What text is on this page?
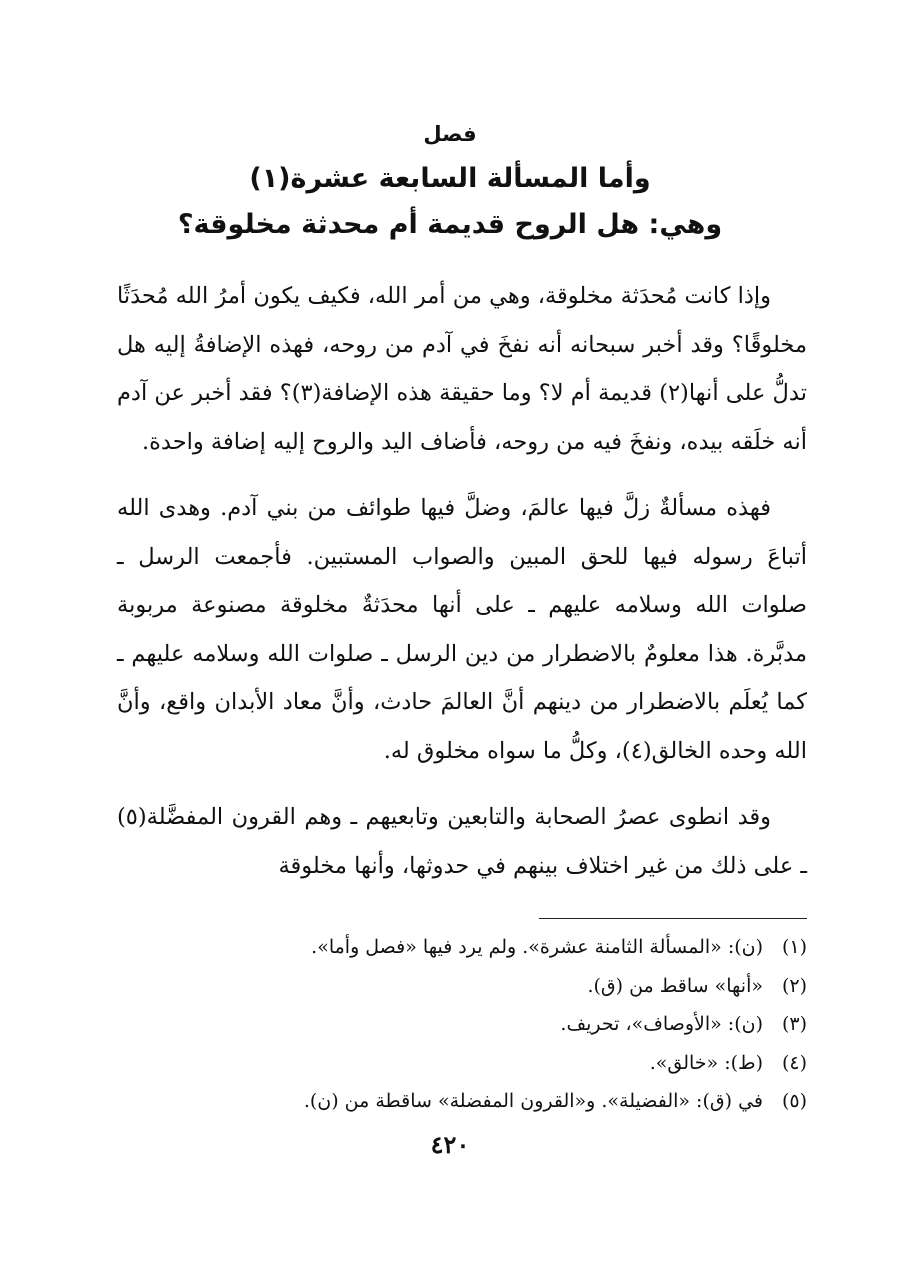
فصل

وأما المسألة السابعة عشرة(١)

وهي: هل الروح قديمة أم محدثة مخلوقة؟

وإذا كانت مُحدَثة مخلوقة، وهي من أمر الله، فكيف يكون أمرُ الله مُحدَثًا مخلوقًا؟ وقد أخبر سبحانه أنه نفخَ في آدم من روحه، فهذه الإضافةُ إليه هل تدلُّ على أنها(٢) قديمة أم لا؟ وما حقيقة هذه الإضافة(٣)؟ فقد أخبر عن آدم أنه خلَقه بيده، ونفخَ فيه من روحه، فأضاف اليد والروح إليه إضافة واحدة.

فهذه مسألةٌ زلَّ فيها عالمَ، وضلَّ فيها طوائف من بني آدم. وهدى الله أتباعَ رسوله فيها للحق المبين والصواب المستبين. فأجمعت الرسل ـ صلوات الله وسلامه عليهم ـ على أنها محدَثةٌ مخلوقة مصنوعة مربوبة مدبَّرة. هذا معلومٌ بالاضطرار من دين الرسل ـ صلوات الله وسلامه عليهم ـ كما يُعلَم بالاضطرار من دينهم أنَّ العالمَ حادث، وأنَّ معاد الأبدان واقع، وأنَّ الله وحده الخالق(٤)، وكلُّ ما سواه مخلوق له.

وقد انطوى عصرُ الصحابة والتابعين وتابعيهم ـ وهم القرون المفضَّلة(٥) ـ على ذلك من غير اختلاف بينهم في حدوثها، وأنها مخلوقة

(١)
(ن): «المسألة الثامنة عشرة». ولم يرد فيها «فصل وأما».
(٢)
«أنها» ساقط من (ق).
(٣)
(ن): «الأوصاف»، تحريف.
(٤)
(ط): «خالق».
(٥)
في (ق): «الفضيلة». و«القرون المفضلة» ساقطة من (ن).
٤٢٠
